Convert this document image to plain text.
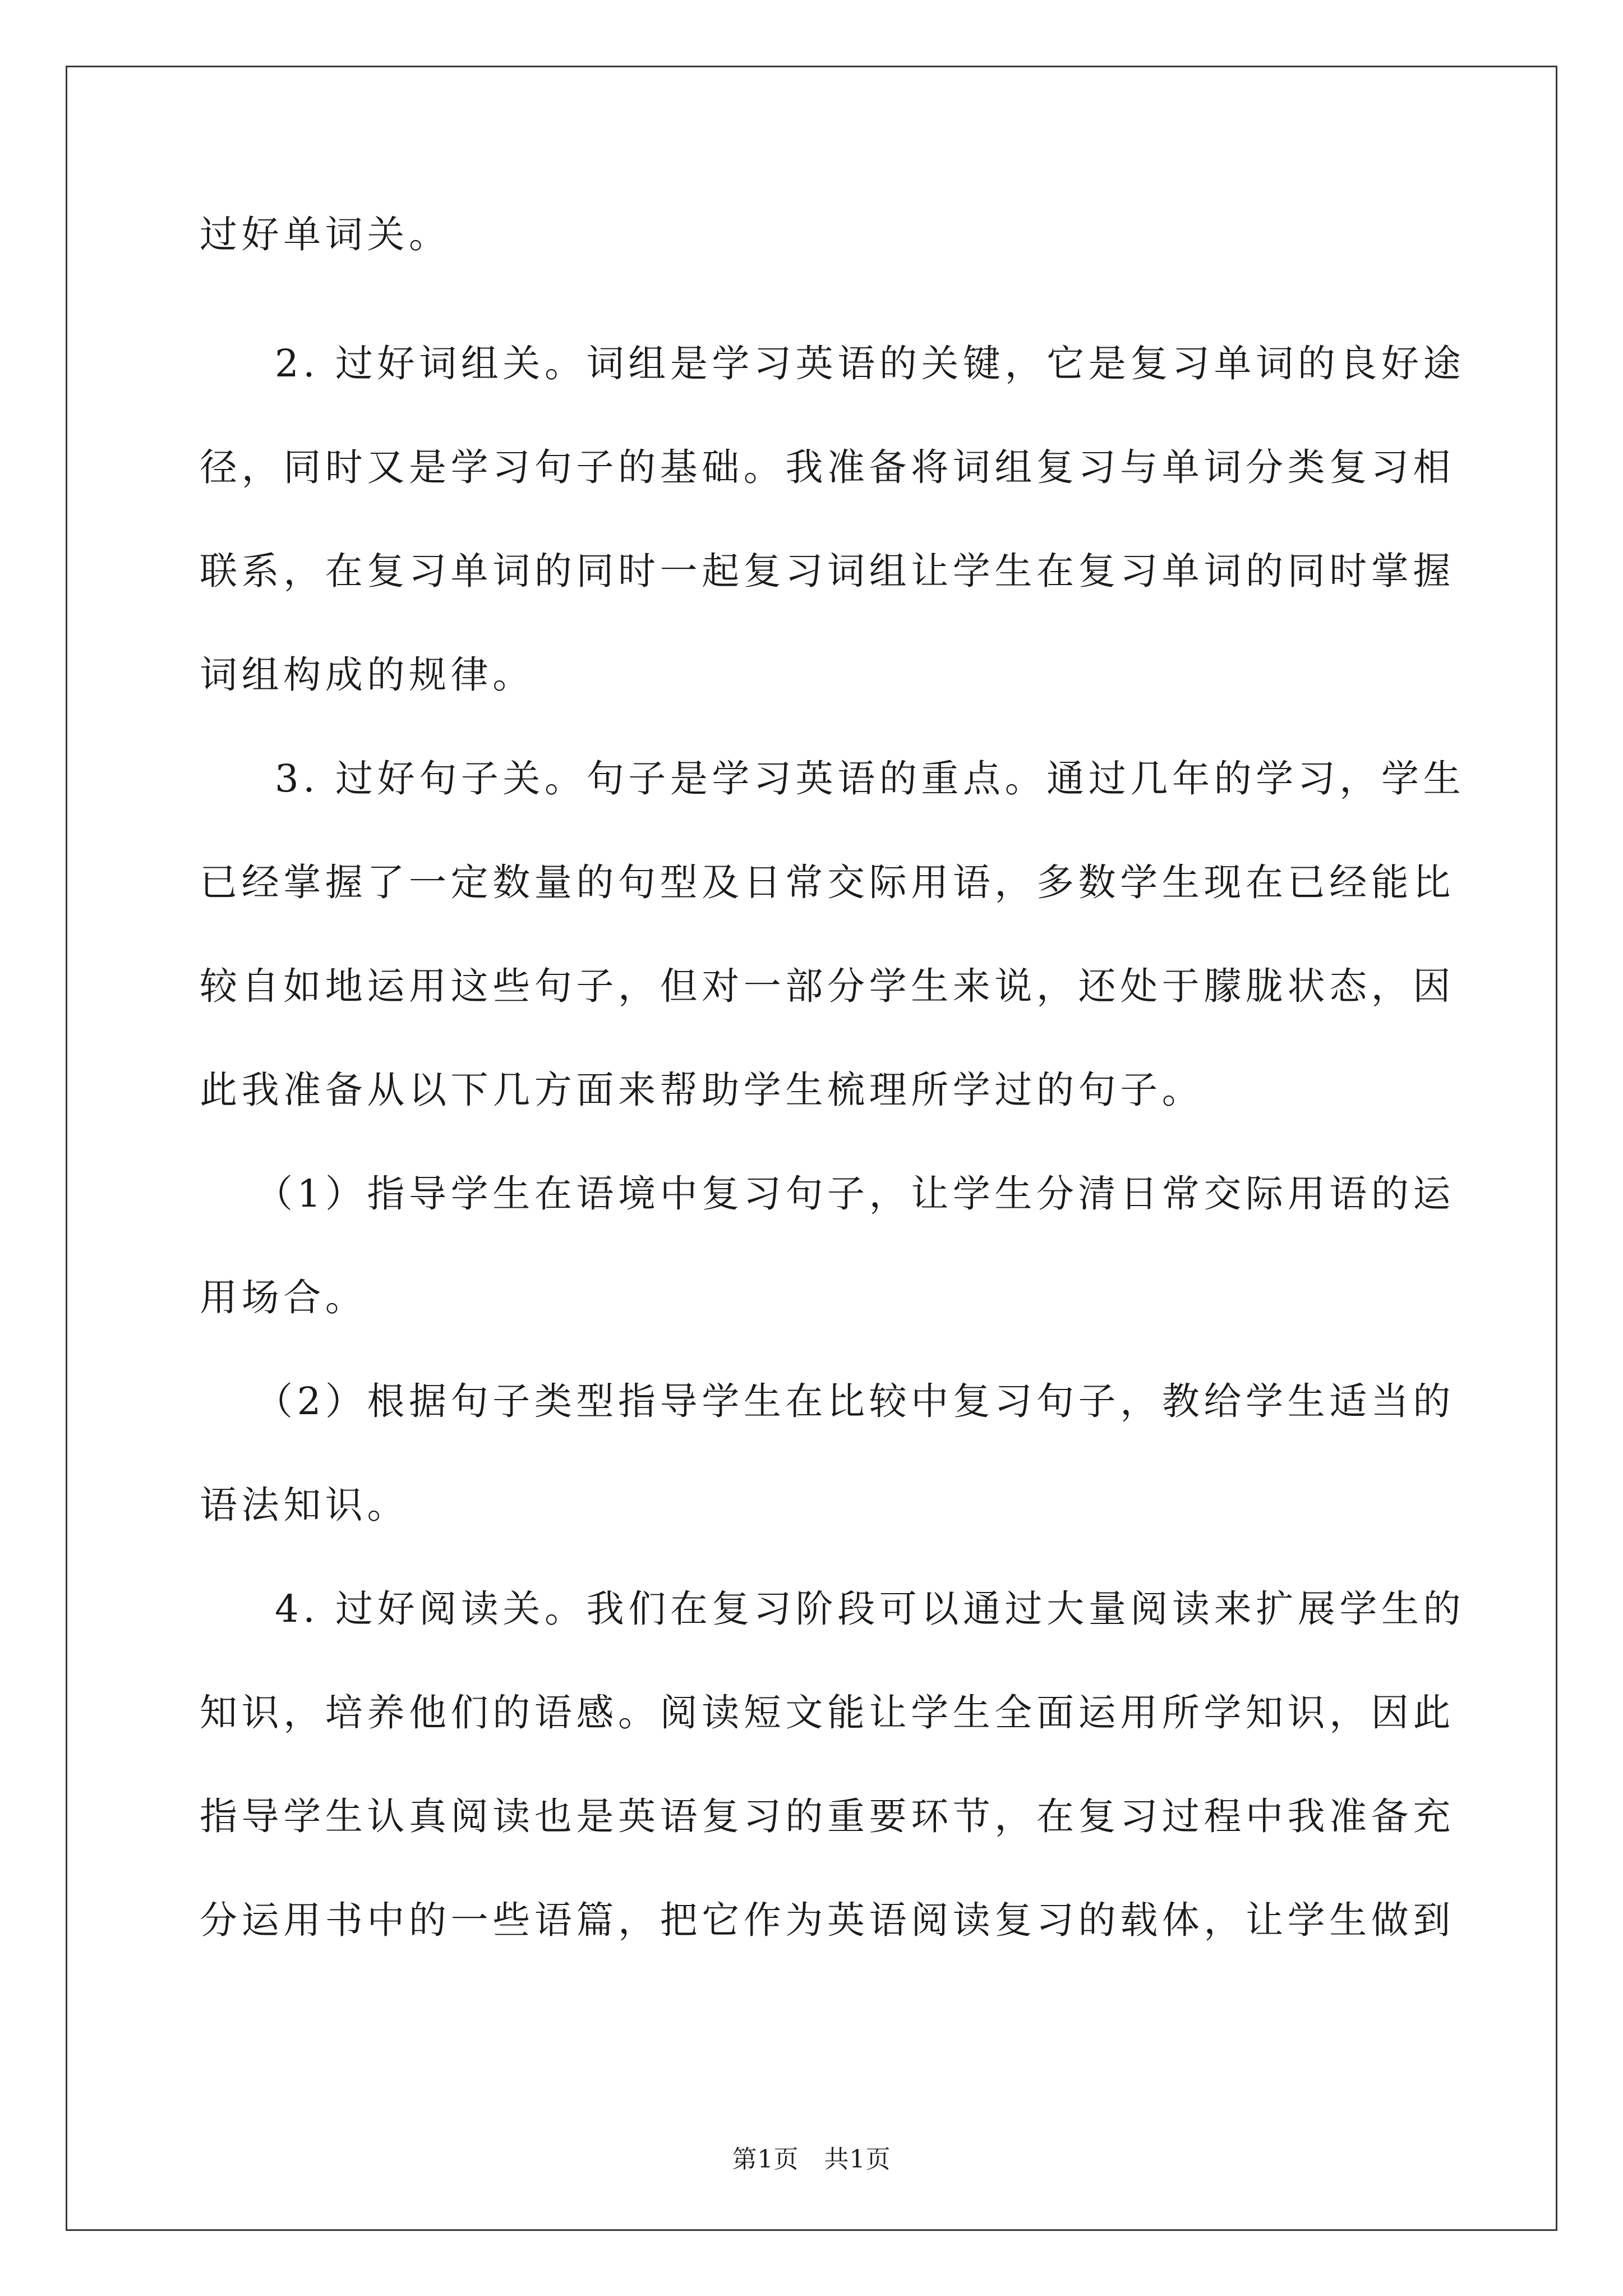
过好单词关。
2. 过好词组关。词组是学习英语的关键，它是复习单词的良好途
径，同时又是学习句子的基础。我准备将词组复习与单词分类复习相
联系，在复习单词的同时一起复习词组让学生在复习单词的同时掌握
词组构成的规律。
3. 过好句子关。句子是学习英语的重点。通过几年的学习，学生
已经掌握了一定数量的句型及日常交际用语，多数学生现在已经能比
较自如地运用这些句子，但对一部分学生来说，还处于朦胧状态，因
此我准备从以下几方面来帮助学生梳理所学过的句子。
（1）指导学生在语境中复习句子，让学生分清日常交际用语的运
用场合。
（2）根据句子类型指导学生在比较中复习句子，教给学生适当的
语法知识。
4. 过好阅读关。我们在复习阶段可以通过大量阅读来扩展学生的
知识，培养他们的语感。阅读短文能让学生全面运用所学知识，因此
指导学生认真阅读也是英语复习的重要环节，在复习过程中我准备充
分运用书中的一些语篇，把它作为英语阅读复习的载体，让学生做到
第1页　共1页
